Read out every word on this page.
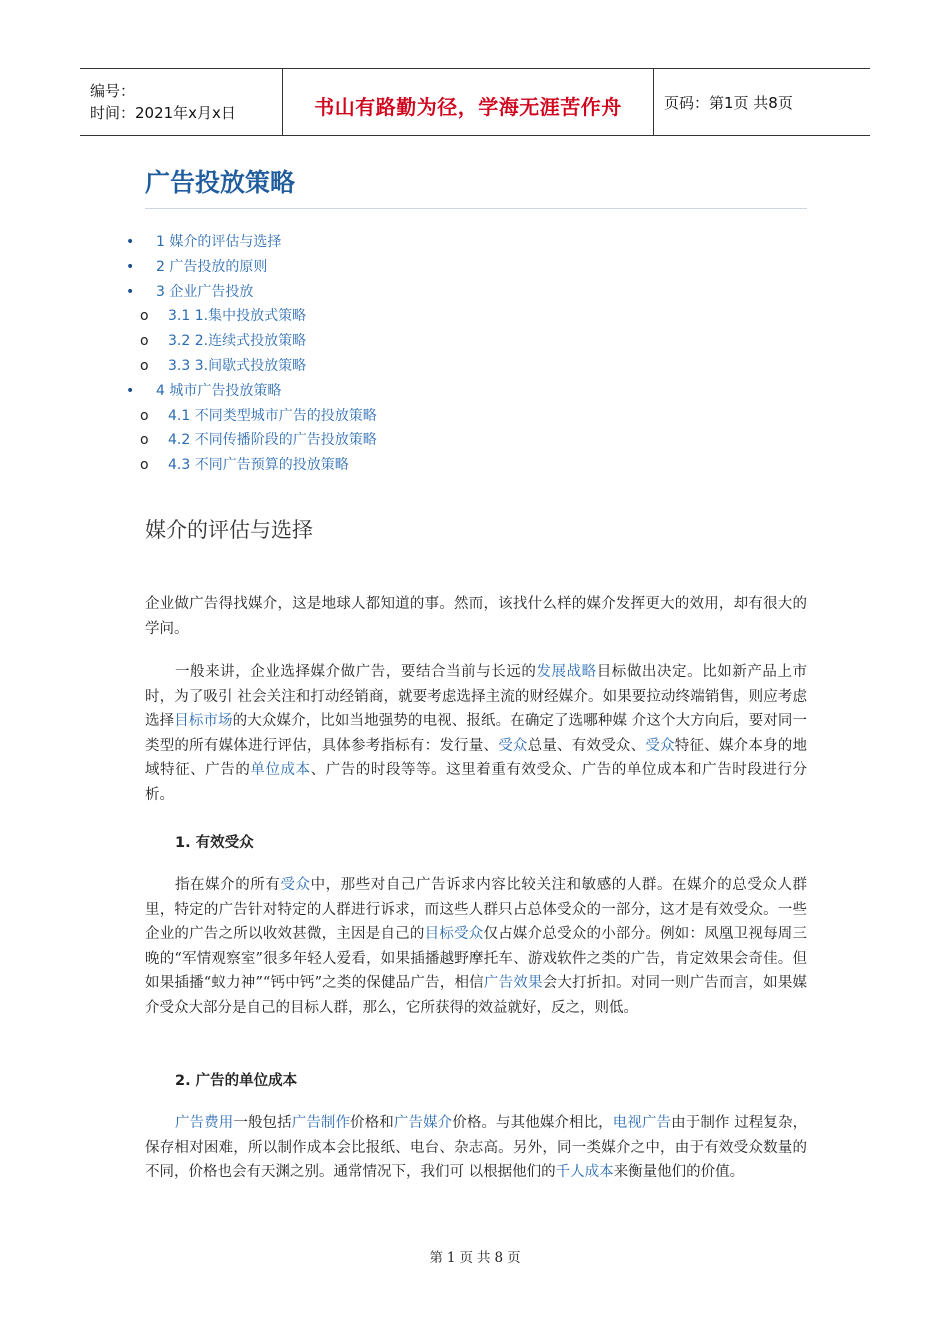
编号：
时间：2021年x月x日	书山有路勤为径，学海无涯苦作舟	页码：第1页 共8页
广告投放策略
• 1 媒介的评估与选择
• 2 广告投放的原则
• 3 企业广告投放
o	3.1 1.集中投放式策略
o	3.2 2.连续式投放策略
o	3.3 3.间歇式投放策略
• 4 城市广告投放策略
o	4.1 不同类型城市广告的投放策略
o	4.2 不同传播阶段的广告投放策略
o	4.3 不同广告预算的投放策略
媒介的评估与选择
企业做广告得找媒介，这是地球人都知道的事。然而，该找什么样的媒介发挥更大的效用，却有很大的学问。
一般来讲，企业选择媒介做广告，要结合当前与长远的发展战略目标做出决定。比如新产品上市时，为了吸引 社会关注和打动经销商，就要考虑选择主流的财经媒介。如果要拉动终端销售，则应考虑选择目标市场的大众媒介，比如当地强势的电视、报纸。在确定了选哪种媒 介这个大方向后，要对同一类型的所有媒体进行评估，具体参考指标有：发行量、受众总量、有效受众、受众特征、媒介本身的地域特征、广告的单位成本、广告的时段等等。这里着重有效受众、广告的单位成本和广告时段进行分析。
1. 有效受众
指在媒介的所有受众中，那些对自己广告诉求内容比较关注和敏感的人群。在媒介的总受众人群里，特定的广告针对特定的人群进行诉求，而这些人群只占总体受众的一部分，这才是有效受众。一些企业的广告之所以收效甚微，主因是自己的目标受众仅占媒介总受众的小部分。例如：凤凰卫视每周三晚的“军情观察室”很多年轻人爱看，如果插播越野摩托车、游戏软件之类的广告，肯定效果会奇佳。但如果插播“蚁力神”“钙中钙”之类的保健品广告，相信广告效果会大打折扣。对同一则广告而言，如果媒介受众大部分是自己的目标人群，那么，它所获得的效益就好，反之，则低。
2. 广告的单位成本
广告费用一般包括广告制作价格和广告媒介价格。与其他媒介相比，电视广告由于制作 过程复杂，保存相对困难，所以制作成本会比报纸、电台、杂志高。另外，同一类媒介之中，由于有效受众数量的不同，价格也会有天渊之别。通常情况下，我们可 以根据他们的千人成本来衡量他们的价值。
第 1 页 共 8 页
